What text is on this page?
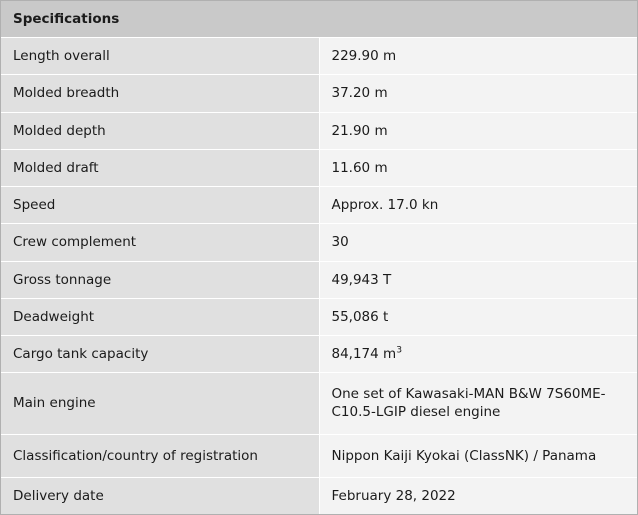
Specifications	
Length overall	229.90 m
Molded breadth	37.20 m
Molded depth	21.90 m
Molded draft	11.60 m
Speed	Approx. 17.0 kn
Crew complement	30
Gross tonnage	49,943 T
Deadweight	55,086 t
Cargo tank capacity	84,174 $m^3$
Main engine	One set of Kawasaki-MAN B&W 7S60ME-C10.5-LGIP diesel engine
Classification/country of registration	Nippon Kaiji Kyokai (ClassNK) / Panama
Delivery date	February 28, 2022
